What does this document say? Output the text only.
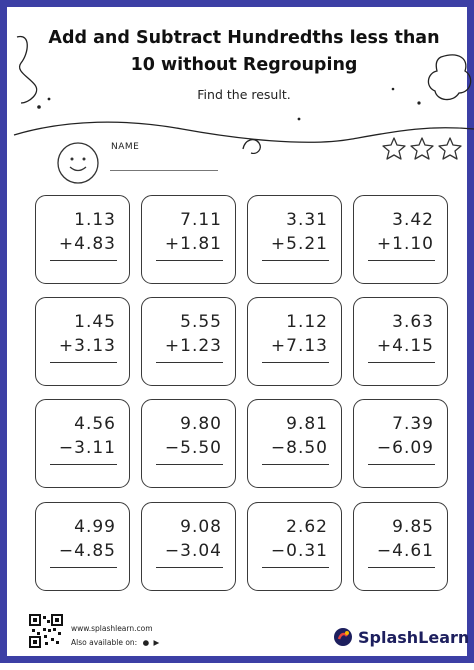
Add and Subtract Hundredths less than 10 without Regrouping
Find the result.
NAME
1.13
+4.83
7.11
+1.81
3.31
+5.21
3.42
+1.10
1.45
+3.13
5.55
+1.23
1.12
+7.13
3.63
+4.15
4.56
−3.11
9.80
−5.50
9.81
−8.50
7.39
−6.09
4.99
−4.85
9.08
−3.04
2.62
−0.31
9.85
−4.61
www.splashlearn.com
Also available on: ● ▶	SplashLearn
